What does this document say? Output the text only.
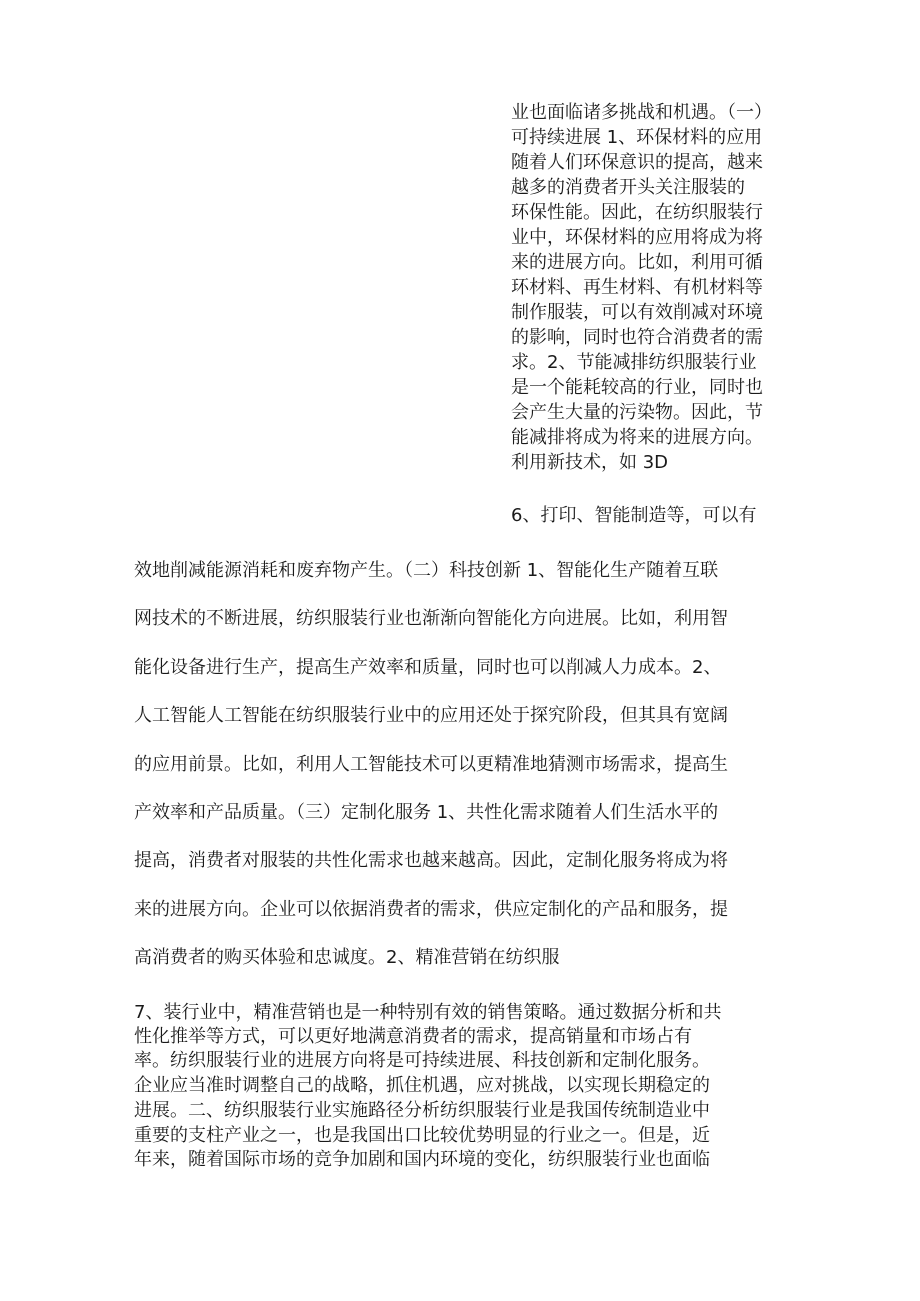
业也面临诸多挑战和机遇。（一）
可持续进展 1、环保材料的应用
随着人们环保意识的提高，越来
越多的消费者开头关注服装的
环保性能。因此，在纺织服装行
业中，环保材料的应用将成为将
来的进展方向。比如，利用可循
环材料、再生材料、有机材料等
制作服装，可以有效削减对环境
的影响，同时也符合消费者的需
求。2、节能减排纺织服装行业
是一个能耗较高的行业，同时也
会产生大量的污染物。因此，节
能减排将成为将来的进展方向。
利用新技术，如 3D
6、打印、智能制造等，可以有
效地削减能源消耗和废弃物产生。（二）科技创新 1、智能化生产随着互联
网技术的不断进展，纺织服装行业也渐渐向智能化方向进展。比如，利用智
能化设备进行生产，提高生产效率和质量，同时也可以削减人力成本。2、
人工智能人工智能在纺织服装行业中的应用还处于探究阶段，但其具有宽阔
的应用前景。比如，利用人工智能技术可以更精准地猜测市场需求，提高生
产效率和产品质量。（三）定制化服务 1、共性化需求随着人们生活水平的
提高，消费者对服装的共性化需求也越来越高。因此，定制化服务将成为将
来的进展方向。企业可以依据消费者的需求，供应定制化的产品和服务，提
高消费者的购买体验和忠诚度。2、精准营销在纺织服
7、装行业中，精准营销也是一种特别有效的销售策略。通过数据分析和共
性化推举等方式，可以更好地满意消费者的需求，提高销量和市场占有
率。纺织服装行业的进展方向将是可持续进展、科技创新和定制化服务。
企业应当准时调整自己的战略，抓住机遇，应对挑战，以实现长期稳定的
进展。二、纺织服装行业实施路径分析纺织服装行业是我国传统制造业中
重要的支柱产业之一，也是我国出口比较优势明显的行业之一。但是，近
年来，随着国际市场的竞争加剧和国内环境的变化，纺织服装行业也面临
